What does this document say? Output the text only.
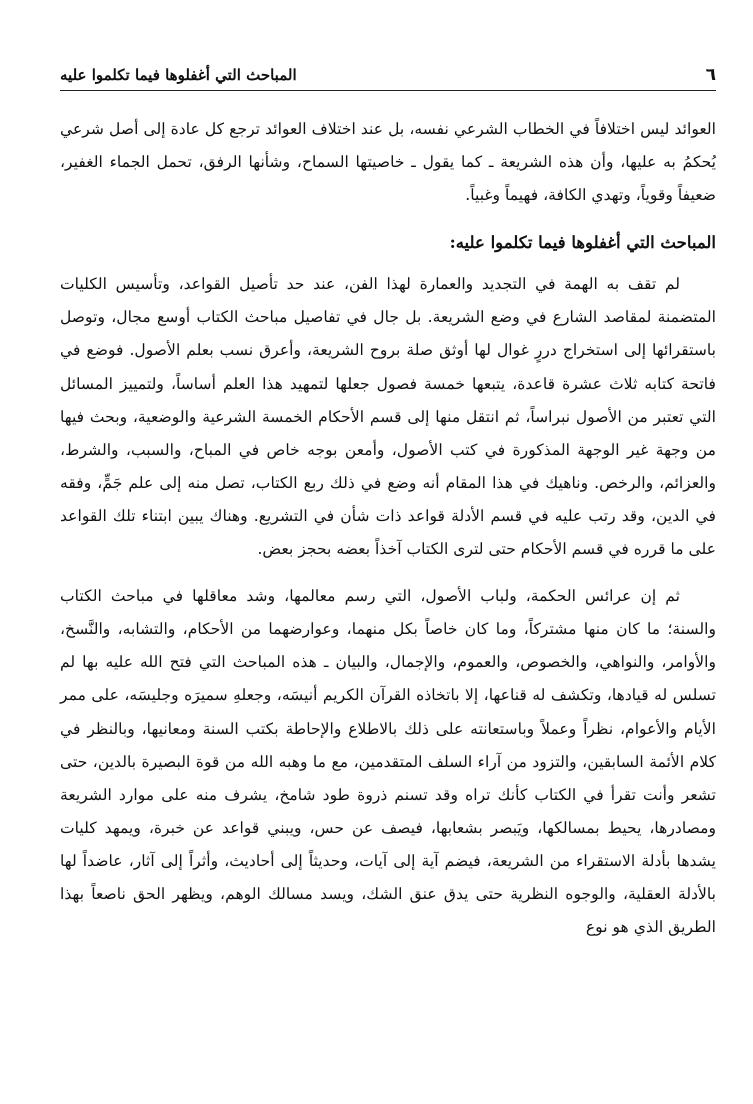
٦
المباحث التي أغفلوها فيما تكلموا عليه

العوائد ليس اختلافاً في الخطاب الشرعي نفسه، بل عند اختلاف العوائد ترجع كل عادة إلى أصل شرعي يُحكمُ به عليها، وأن هذه الشريعة ـ كما يقول ـ خاصيتها السماح، وشأنها الرفق، تحمل الجماء الغفير، ضعيفاً وقوياً، وتهدي الكافة، فهيماً وغبياً.

المباحث التي أغفلوها فيما تكلموا عليه:

لم تقف به الهمة في التجديد والعمارة لهذا الفن، عند حد تأصيل القواعد، وتأسيس الكليات المتضمنة لمقاصد الشارع في وضع الشريعة. بل جال في تفاصيل مباحث الكتاب أوسع مجال، وتوصل باستقرائها إلى استخراج دررٍ غوال لها أوثق صلة بروح الشريعة، وأعرق نسب بعلم الأصول. فوضع في فاتحة كتابه ثلاث عشرة قاعدة، يتبعها خمسة فصول جعلها لتمهيد هذا العلم أساساً، ولتمييز المسائل التي تعتبر من الأصول نبراساً، ثم انتقل منها إلى قسم الأحكام الخمسة الشرعية والوضعية، وبحث فيها من وجهة غير الوجهة المذكورة في كتب الأصول، وأمعن بوجه خاص في المباح، والسبب، والشرط، والعزائم، والرخص. وناهيك في هذا المقام أنه وضع في ذلك ربع الكتاب، تصل منه إلى علم جَمٍّ، وفقه في الدين، وقد رتب عليه في قسم الأدلة قواعد ذات شأن في التشريع. وهناك يبين ابتناء تلك القواعد على ما قرره في قسم الأحكام حتى لترى الكتاب آخذاً بعضه بحجز بعض.

ثم إن عرائس الحكمة، ولباب الأصول، التي رسم معالمها، وشد معاقلها في مباحث الكتاب والسنة؛ ما كان منها مشتركاً، وما كان خاصاً بكل منهما، وعوارضهما من الأحكام، والتشابه، والنَّسخ، والأوامر، والنواهي، والخصوص، والعموم، والإجمال، والبيان ـ هذه المباحث التي فتح الله عليه بها لم تسلس له قيادها، وتكشف له قناعها، إلا باتخاذه القرآن الكريم أنيسَه، وجعلهِ سميرَه وجليسَه، على ممر الأيام والأعوام، نظراً وعملاً وباستعانته على ذلك بالاطلاع والإحاطة بكتب السنة ومعانيها، وبالنظر في كلام الأئمة السابقين، والتزود من آراء السلف المتقدمين، مع ما وهبه الله من قوة البصيرة بالدين، حتى تشعر وأنت تقرأ في الكتاب كأنك تراه وقد تسنم ذروة طود شامخ، يشرف منه على موارد الشريعة ومصادرها، يحيط بمسالكها، ويَبصر بشعابها، فيصف عن حس، ويبني قواعد عن خبرة، ويمهد كليات يشدها بأدلة الاستقراء من الشريعة، فيضم آية إلى آيات، وحديثاً إلى أحاديث، وأثراً إلى آثار، عاضداً لها بالأدلة العقلية، والوجوه النظرية حتى يدق عنق الشك، ويسد مسالك الوهم، ويظهر الحق ناصعاً بهذا الطريق الذي هو نوع
